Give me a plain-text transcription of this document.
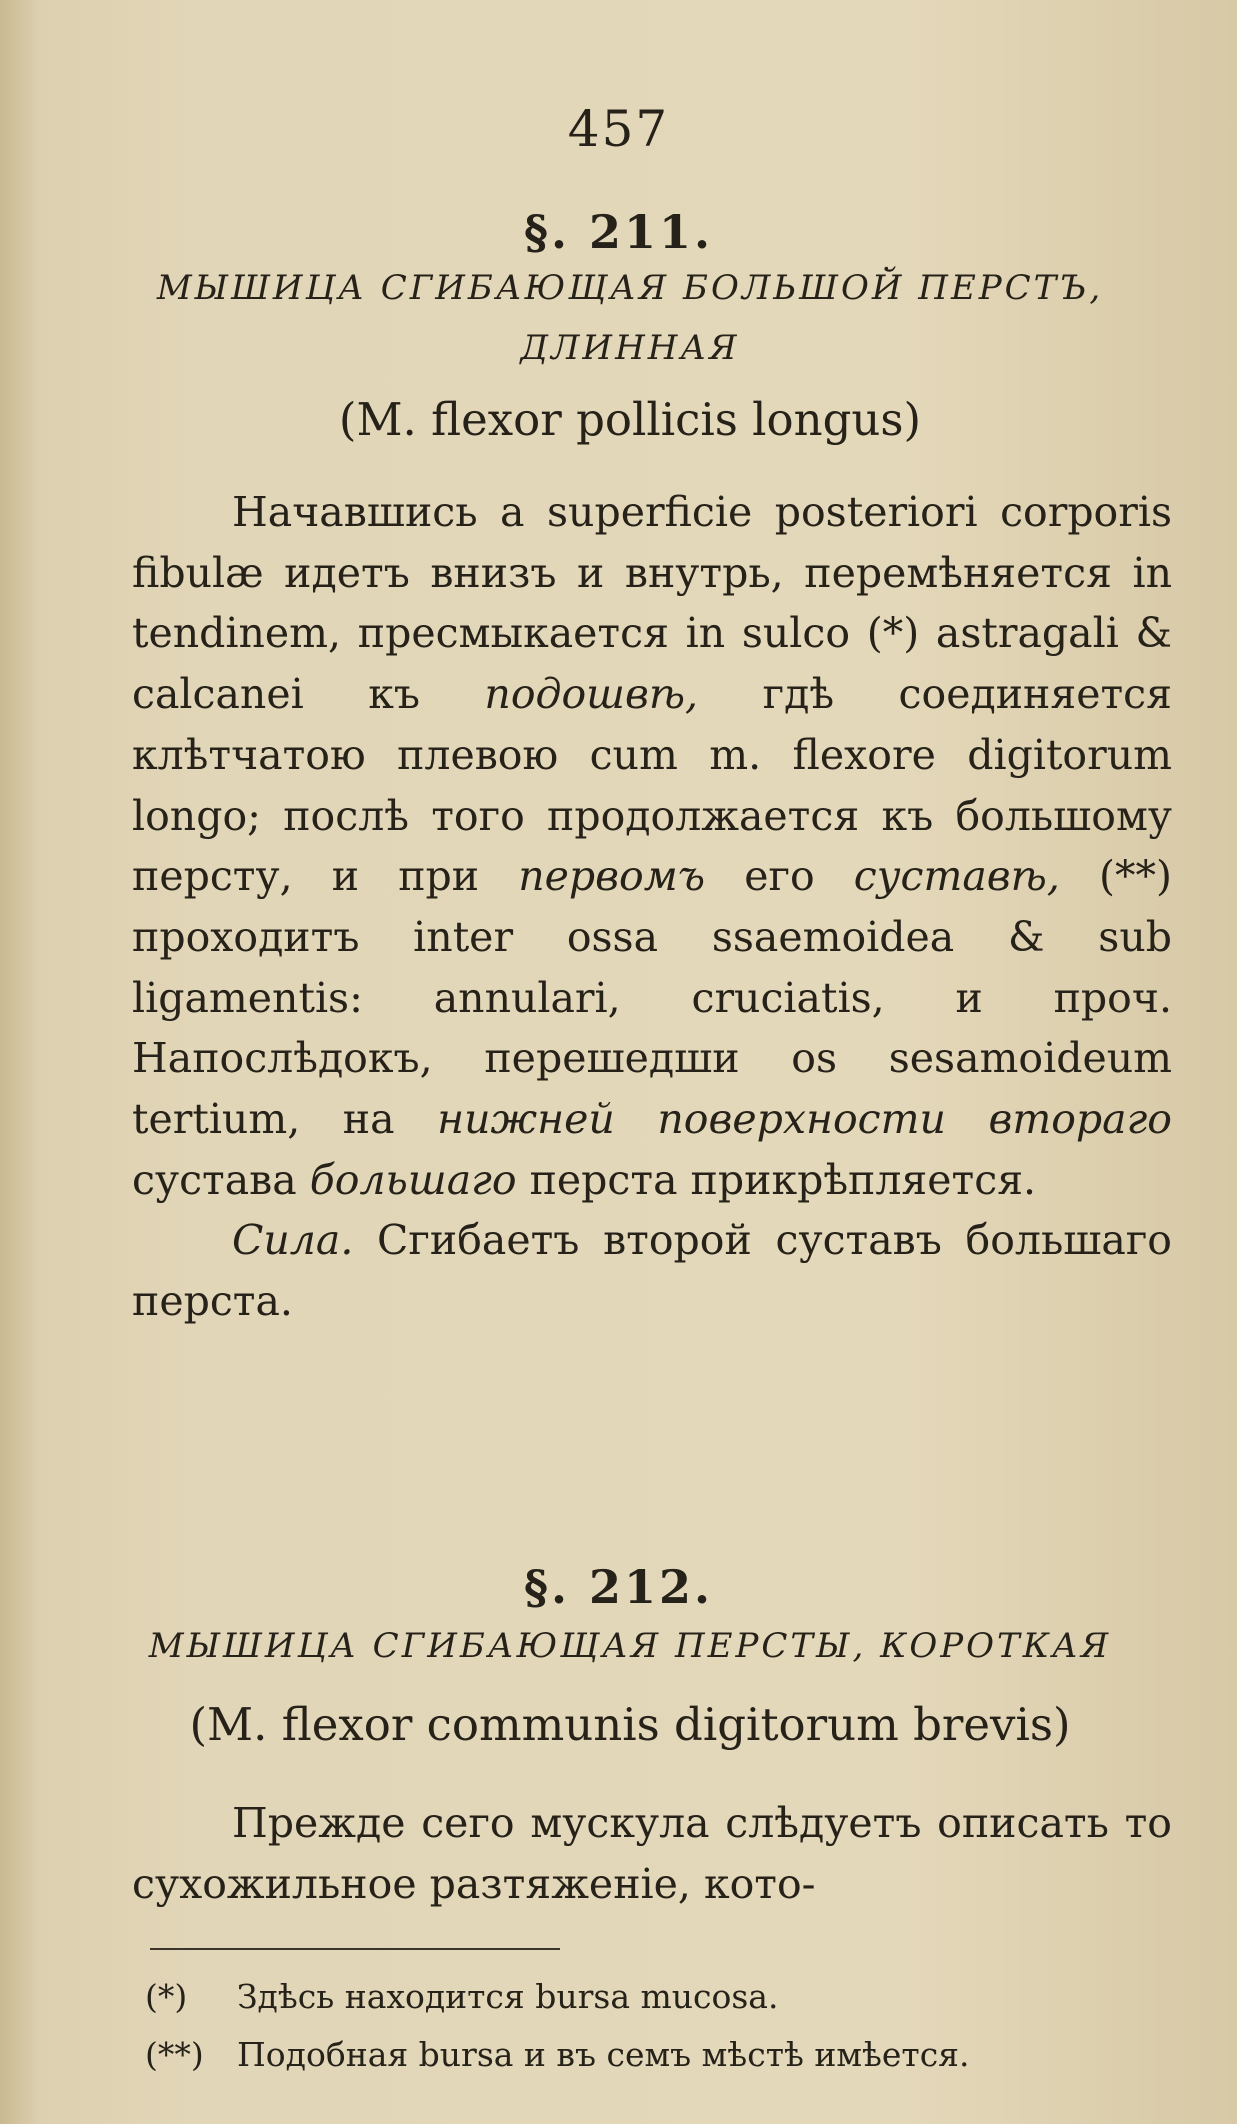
457
§. 211.
МЫШИЦА СГИБАЮЩАЯ БОЛЬШОЙ ПЕРСТЪ,
ДЛИННАЯ
(M. flexor pollicis longus)

Начавшись a superficie posteriori corporis fibulæ идетъ внизъ и внутрь, перемѣняется in tendinem, пресмыкается in sulco (*) astragali & calcanei къ подошвѣ, гдѣ соединяется клѣтчатою плевою cum m. flexore digitorum longo; послѣ того продолжается къ большому персту, и при первомъ его суставѣ, (**) проходитъ inter ossa ssaemoidea & sub ligamentis: annulari, cruciatis, и проч. Напослѣдокъ, перешедши os sesamoideum tertium, на нижней поверхности втораго сустава большаго перста прикрѣпляется.

Сила. Сгибаетъ второй суставъ большаго перста.

§. 212.
МЫШИЦА СГИБАЮЩАЯ ПЕРСТЫ, КОРОТКАЯ
(M. flexor communis digitorum brevis)

Прежде сего мускула слѣдуетъ описать то сухожильное разтяженіе, кото-

(*) Здѣсь находится bursa mucosa.
(**) Подобная bursa и въ семъ мѣстѣ имѣется.
